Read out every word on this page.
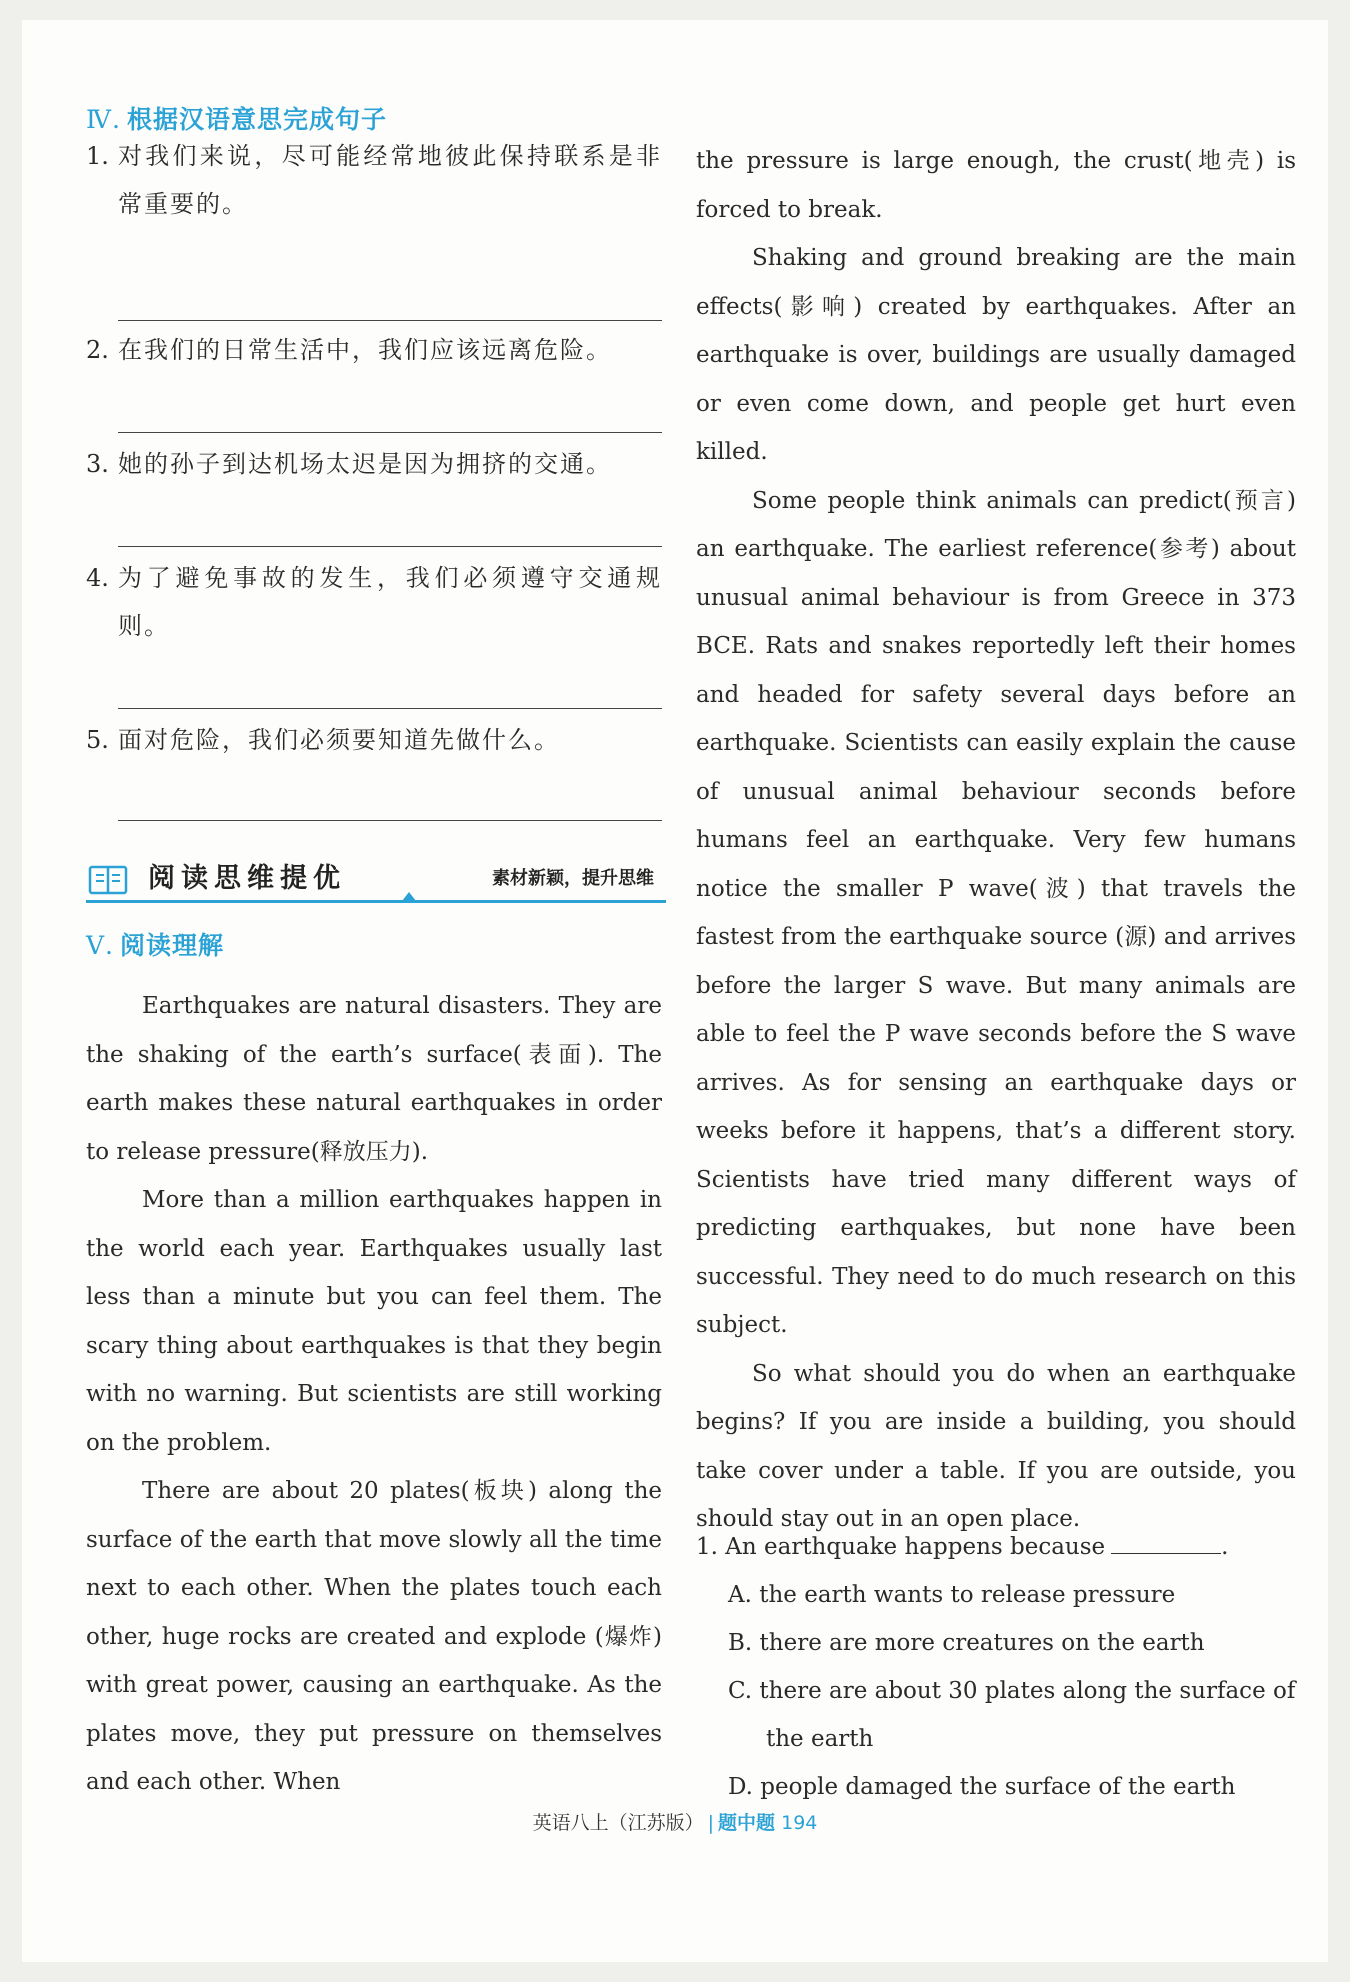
Ⅳ. 根据汉语意思完成句子
1. 对我们来说，尽可能经常地彼此保持联系是非常重要的。
2. 在我们的日常生活中，我们应该远离危险。
3. 她的孙子到达机场太迟是因为拥挤的交通。
4. 为了避免事故的发生，我们必须遵守交通规则。
5. 面对危险，我们必须要知道先做什么。
阅读思维提优	素材新颖，提升思维
Ⅴ. 阅读理解

Earthquakes are natural disasters. They are the shaking of the earth’s surface(表面). The earth makes these natural earthquakes in order to release pressure(释放压力).

More than a million earthquakes happen in the world each year. Earthquakes usually last less than a minute but you can feel them. The scary thing about earthquakes is that they begin with no warning. But scientists are still working on the problem.

There are about 20 plates(板块) along the surface of the earth that move slowly all the time next to each other. When the plates touch each other, huge rocks are created and explode (爆炸) with great power, causing an earthquake. As the plates move, they put pressure on themselves and each other. When

the pressure is large enough, the crust(地壳) is forced to break.

Shaking and ground breaking are the main effects(影响) created by earthquakes. After an earthquake is over, buildings are usually damaged or even come down, and people get hurt even killed.

Some people think animals can predict(预言) an earthquake. The earliest reference(参考) about unusual animal behaviour is from Greece in 373 BCE. Rats and snakes reportedly left their homes and headed for safety several days before an earthquake. Scientists can easily explain the cause of unusual animal behaviour seconds before humans feel an earthquake. Very few humans notice the smaller P wave(波) that travels the fastest from the earthquake source (源) and arrives before the larger S wave. But many animals are able to feel the P wave seconds before the S wave arrives. As for sensing an earthquake days or weeks before it happens, that’s a different story. Scientists have tried many different ways of predicting earthquakes, but none have been successful. They need to do much research on this subject.

So what should you do when an earthquake begins? If you are inside a building, you should take cover under a table. If you are outside, you should stay out in an open place.

1. An earthquake happens because	.
A. the earth wants to release pressure
B. there are more creatures on the earth
C. there are about 30 plates along the surface of the earth
D. people damaged the surface of the earth
英语八上（江苏版） | 题中题 194
